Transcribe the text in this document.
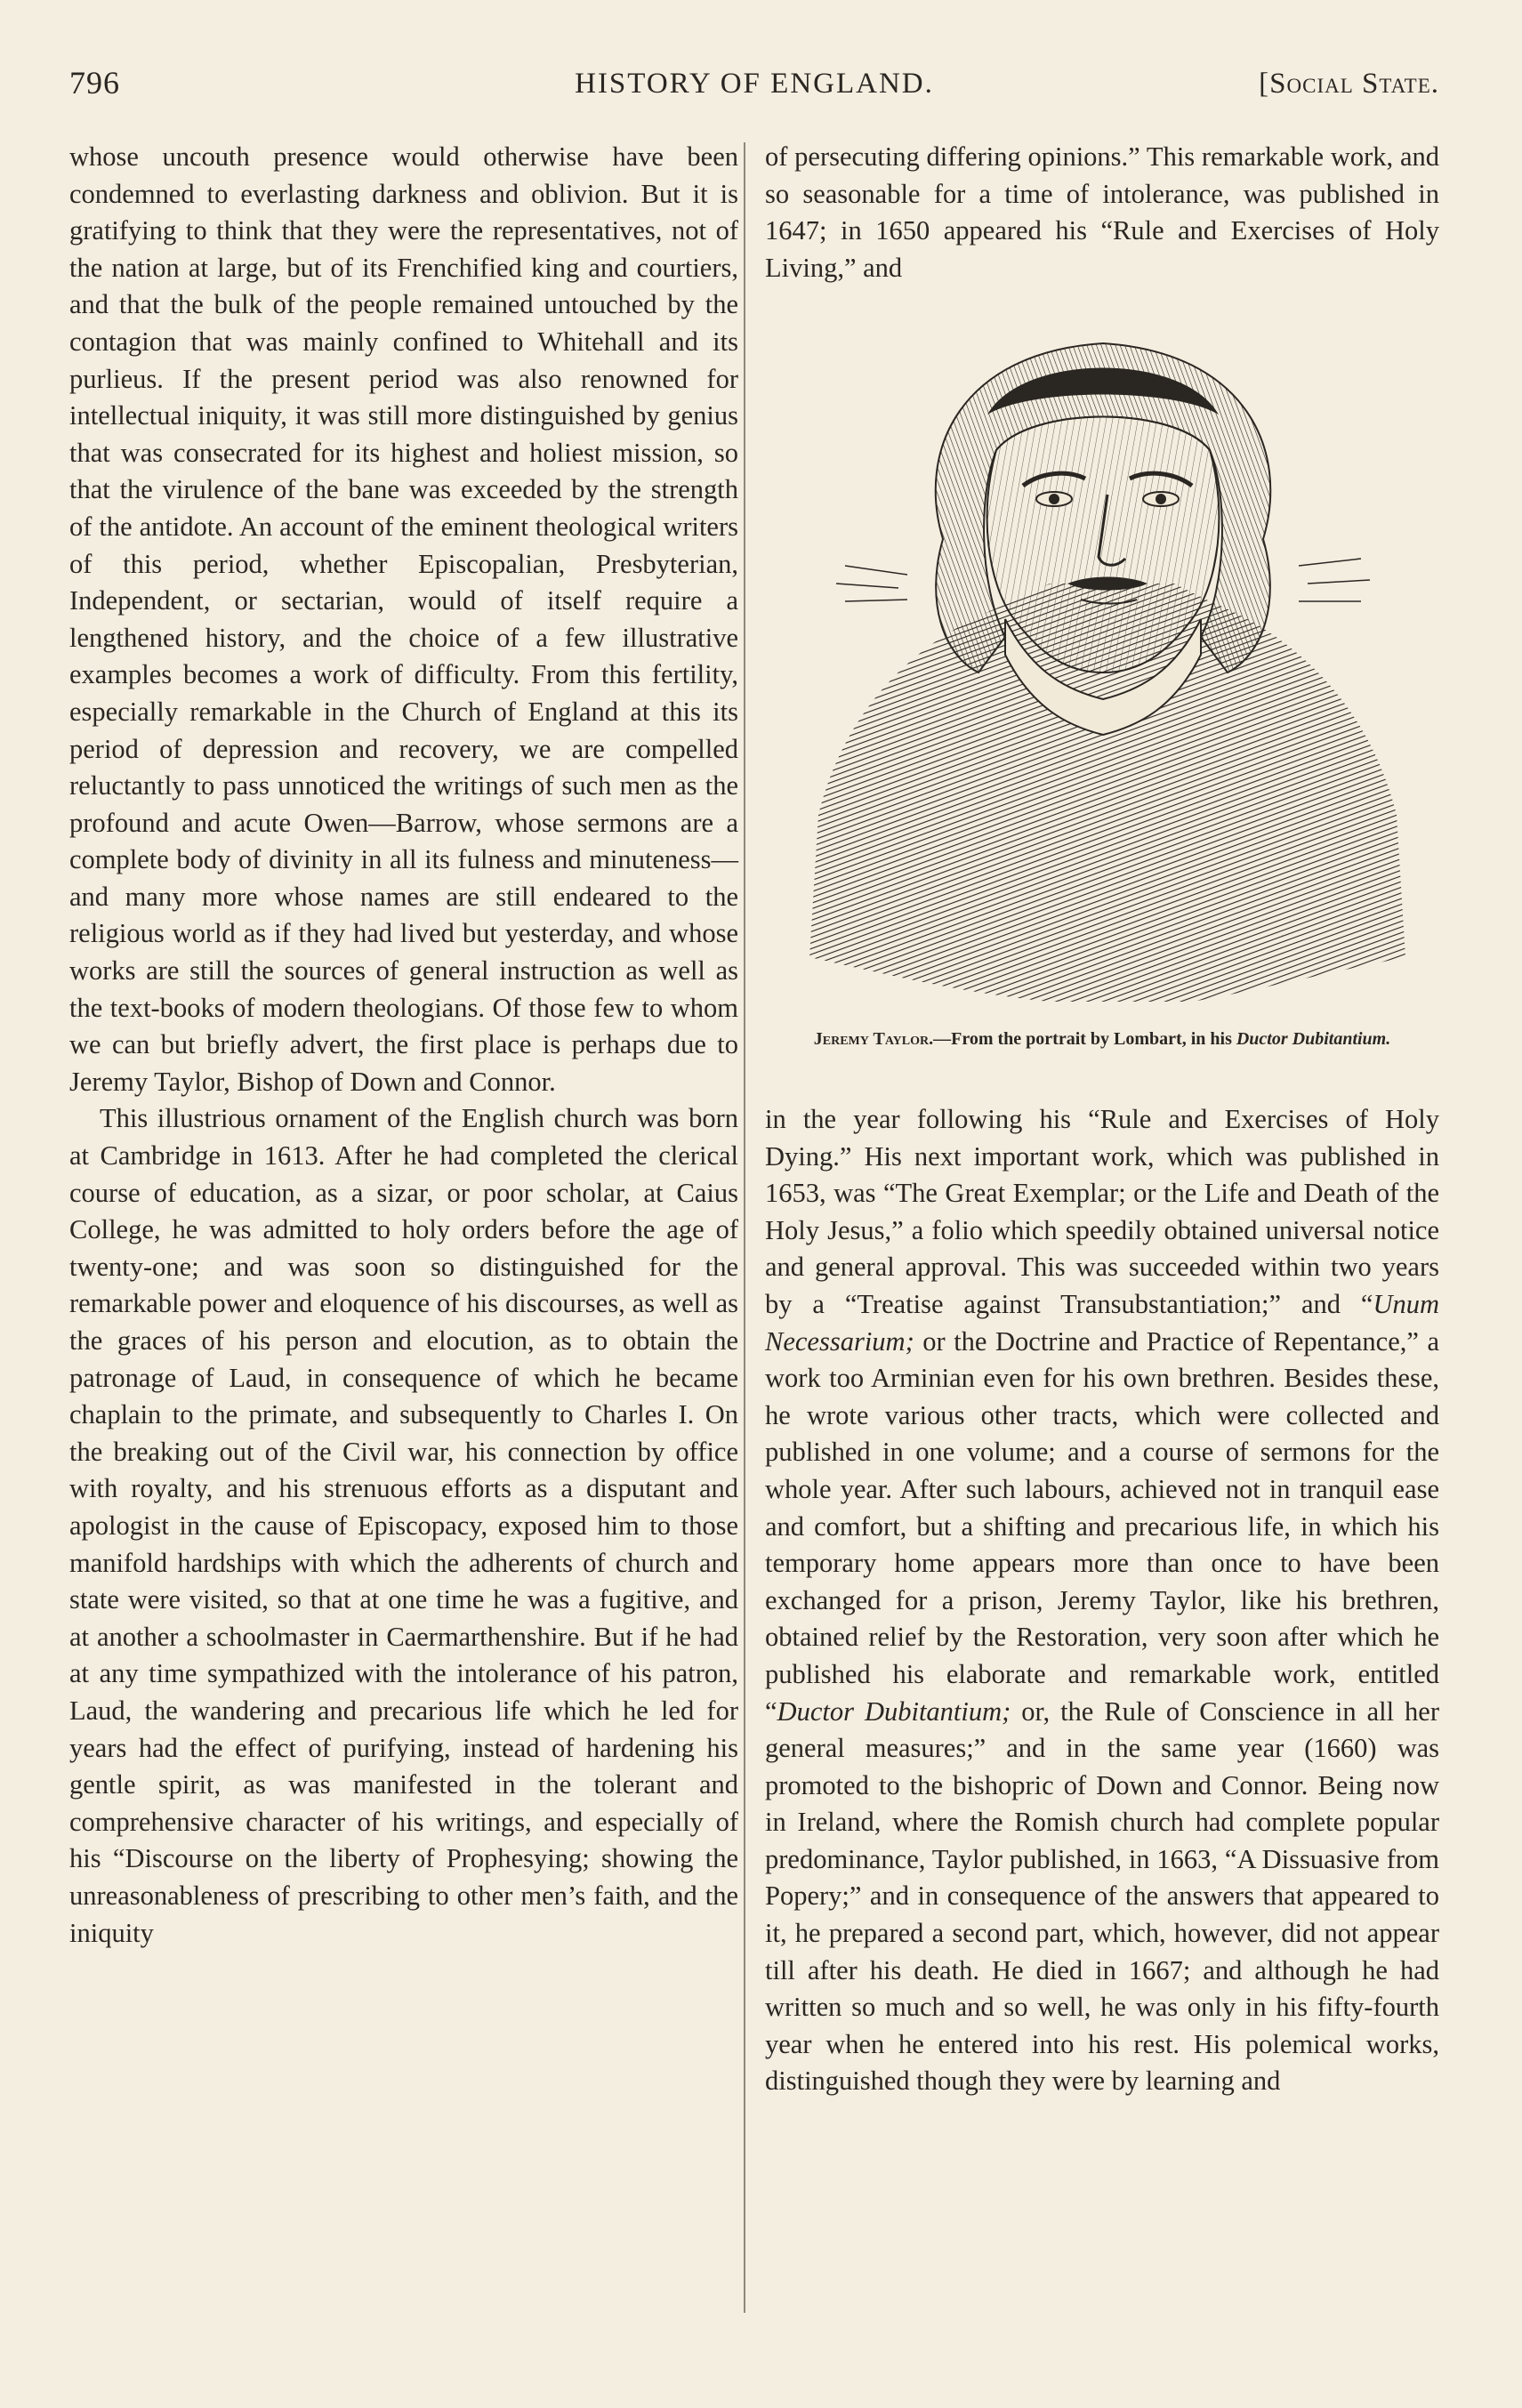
796	HISTORY OF ENGLAND.	[Social State.

whose uncouth presence would otherwise have been condemned to everlasting darkness and oblivion. But it is gratifying to think that they were the representatives, not of the nation at large, but of its Frenchified king and courtiers, and that the bulk of the people remained untouched by the contagion that was mainly confined to Whitehall and its purlieus. If the present period was also renowned for intellectual iniquity, it was still more distinguished by genius that was consecrated for its highest and holiest mission, so that the virulence of the bane was exceeded by the strength of the antidote. An account of the eminent theological writers of this period, whether Episcopalian, Presbyterian, Independent, or sectarian, would of itself require a lengthened history, and the choice of a few illustrative examples becomes a work of difficulty. From this fertility, especially remarkable in the Church of England at this its period of depression and recovery, we are compelled reluctantly to pass unnoticed the writings of such men as the profound and acute Owen—Barrow, whose sermons are a complete body of divinity in all its fulness and minuteness—and many more whose names are still endeared to the religious world as if they had lived but yesterday, and whose works are still the sources of general instruction as well as the text-books of modern theologians. Of those few to whom we can but briefly advert, the first place is perhaps due to Jeremy Taylor, Bishop of Down and Connor.

This illustrious ornament of the English church was born at Cambridge in 1613. After he had completed the clerical course of education, as a sizar, or poor scholar, at Caius College, he was admitted to holy orders before the age of twenty-one; and was soon so distinguished for the remarkable power and eloquence of his discourses, as well as the graces of his person and elocution, as to obtain the patronage of Laud, in consequence of which he became chaplain to the primate, and subsequently to Charles I. On the breaking out of the Civil war, his connection by office with royalty, and his strenuous efforts as a disputant and apologist in the cause of Episcopacy, exposed him to those manifold hardships with which the adherents of church and state were visited, so that at one time he was a fugitive, and at another a schoolmaster in Caermarthenshire. But if he had at any time sympathized with the intolerance of his patron, Laud, the wandering and precarious life which he led for years had the effect of purifying, instead of hardening his gentle spirit, as was manifested in the tolerant and comprehensive character of his writings, and especially of his “Discourse on the liberty of Prophesying; showing the unreasonableness of prescribing to other men’s faith, and the iniquity

of persecuting differing opinions.” This remarkable work, and so seasonable for a time of intolerance, was published in 1647; in 1650 appeared his “Rule and Exercises of Holy Living,” and

Jeremy Taylor.—From the portrait by Lombart, in his Ductor Dubitantium.

in the year following his “Rule and Exercises of Holy Dying.” His next important work, which was published in 1653, was “The Great Exemplar; or the Life and Death of the Holy Jesus,” a folio which speedily obtained universal notice and general approval. This was succeeded within two years by a “Treatise against Transubstantiation;” and “Unum Necessarium; or the Doctrine and Practice of Repentance,” a work too Arminian even for his own brethren. Besides these, he wrote various other tracts, which were collected and published in one volume; and a course of sermons for the whole year. After such labours, achieved not in tranquil ease and comfort, but a shifting and precarious life, in which his temporary home appears more than once to have been exchanged for a prison, Jeremy Taylor, like his brethren, obtained relief by the Restoration, very soon after which he published his elaborate and remarkable work, entitled “Ductor Dubitantium; or, the Rule of Conscience in all her general measures;” and in the same year (1660) was promoted to the bishopric of Down and Connor. Being now in Ireland, where the Romish church had complete popular predominance, Taylor published, in 1663, “A Dissuasive from Popery;” and in consequence of the answers that appeared to it, he prepared a second part, which, however, did not appear till after his death. He died in 1667; and although he had written so much and so well, he was only in his fifty-fourth year when he entered into his rest. His polemical works, distinguished though they were by learning and
